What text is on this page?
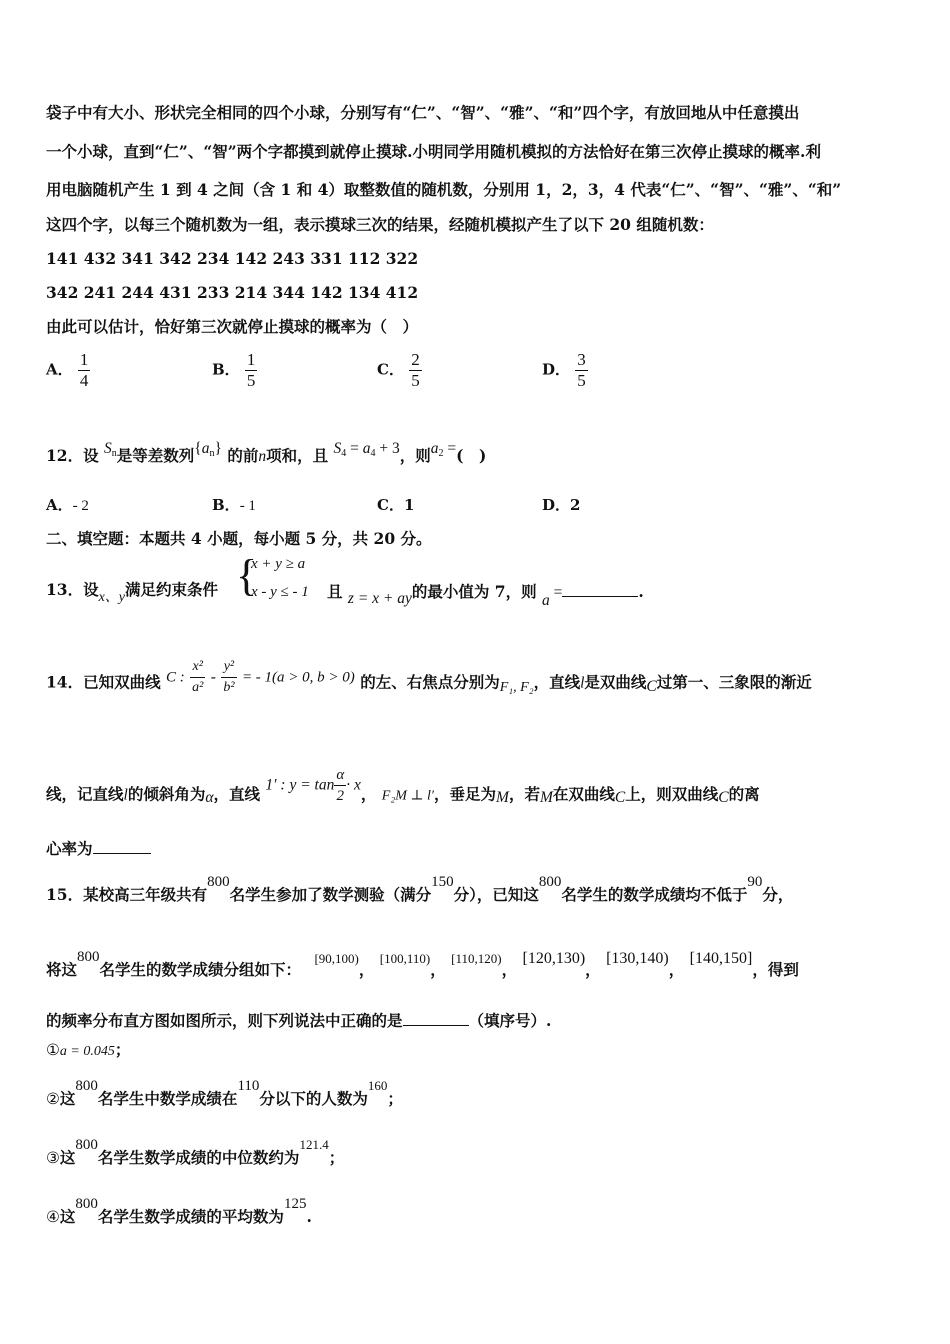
袋子中有大小、形状完全相同的四个小球，分别写有“仁”、“智”、“雅”、“和”四个字，有放回地从中任意摸出
一个小球，直到“仁”、“智”两个字都摸到就停止摸球.小明同学用随机模拟的方法恰好在第三次停止摸球的概率.利
用电脑随机产生 1 到 4 之间（含 1 和 4）取整数值的随机数，分别用 1，2，3，4 代表“仁”、“智”、“雅”、“和”
这四个字，以每三个随机数为一组，表示摸球三次的结果，经随机模拟产生了以下 20 组随机数：
141 432 341 342 234 142 243 331 112 322
342 241 244 431 233 214 344 142 134 412
由此可以估计，恰好第三次就停止摸球的概率为（　）
A． $\frac{1}{4}$	B． $\frac{1}{5}$	C． $\frac{2}{5}$	D． $\frac{3}{5}$
12．设 $S_n$是等差数列$\{a_n\}$ 的前n项和，且 $S_4 = a_4 + 3$，则$a_2$ =(　)
A．- 2	B．- 1	C．1	D．2
二、填空题：本题共 4 小题，每小题 5 分，共 20 分。
13．设x、y满足约束条件 {
x + y ≥ a
x - y ≤ - 1 且 z = x + ay的最小值为 7，则 a =	.
14．已知双曲线 C : $\frac{\text{x²}}{\text{a²}} - \frac{\text{y²}}{\text{b²}}$ = - 1(a > 0, b > 0) 的左、右焦点分别为F₁, F₂，直线l是双曲线C过第一、三象限的渐近
线，记直线l的倾斜角为α，直线 1′ : $y = \tan \frac{\alpha}{2} \cdot x$， F₂M ⊥ l′，垂足为M，若M在双曲线C上，则双曲线C的离
心率为
15．某校高三年级共有800名学生参加了数学测验（满分150分），已知这800名学生的数学成绩均不低于90分，
将这800名学生的数学成绩分组如下： $^{[90,100)}$， $^{[100,110)}$， $^{[110,120)}$， [120,130)， [130,140)， [140,150]，得到
的频率分布直方图如图所示，则下列说法中正确的是	（填序号）.
①a = 0.045；
②这800名学生中数学成绩在110分以下的人数为$^{160}$；
③这800名学生数学成绩的中位数约为$^{121.4}$；
④这800名学生数学成绩的平均数为125.
